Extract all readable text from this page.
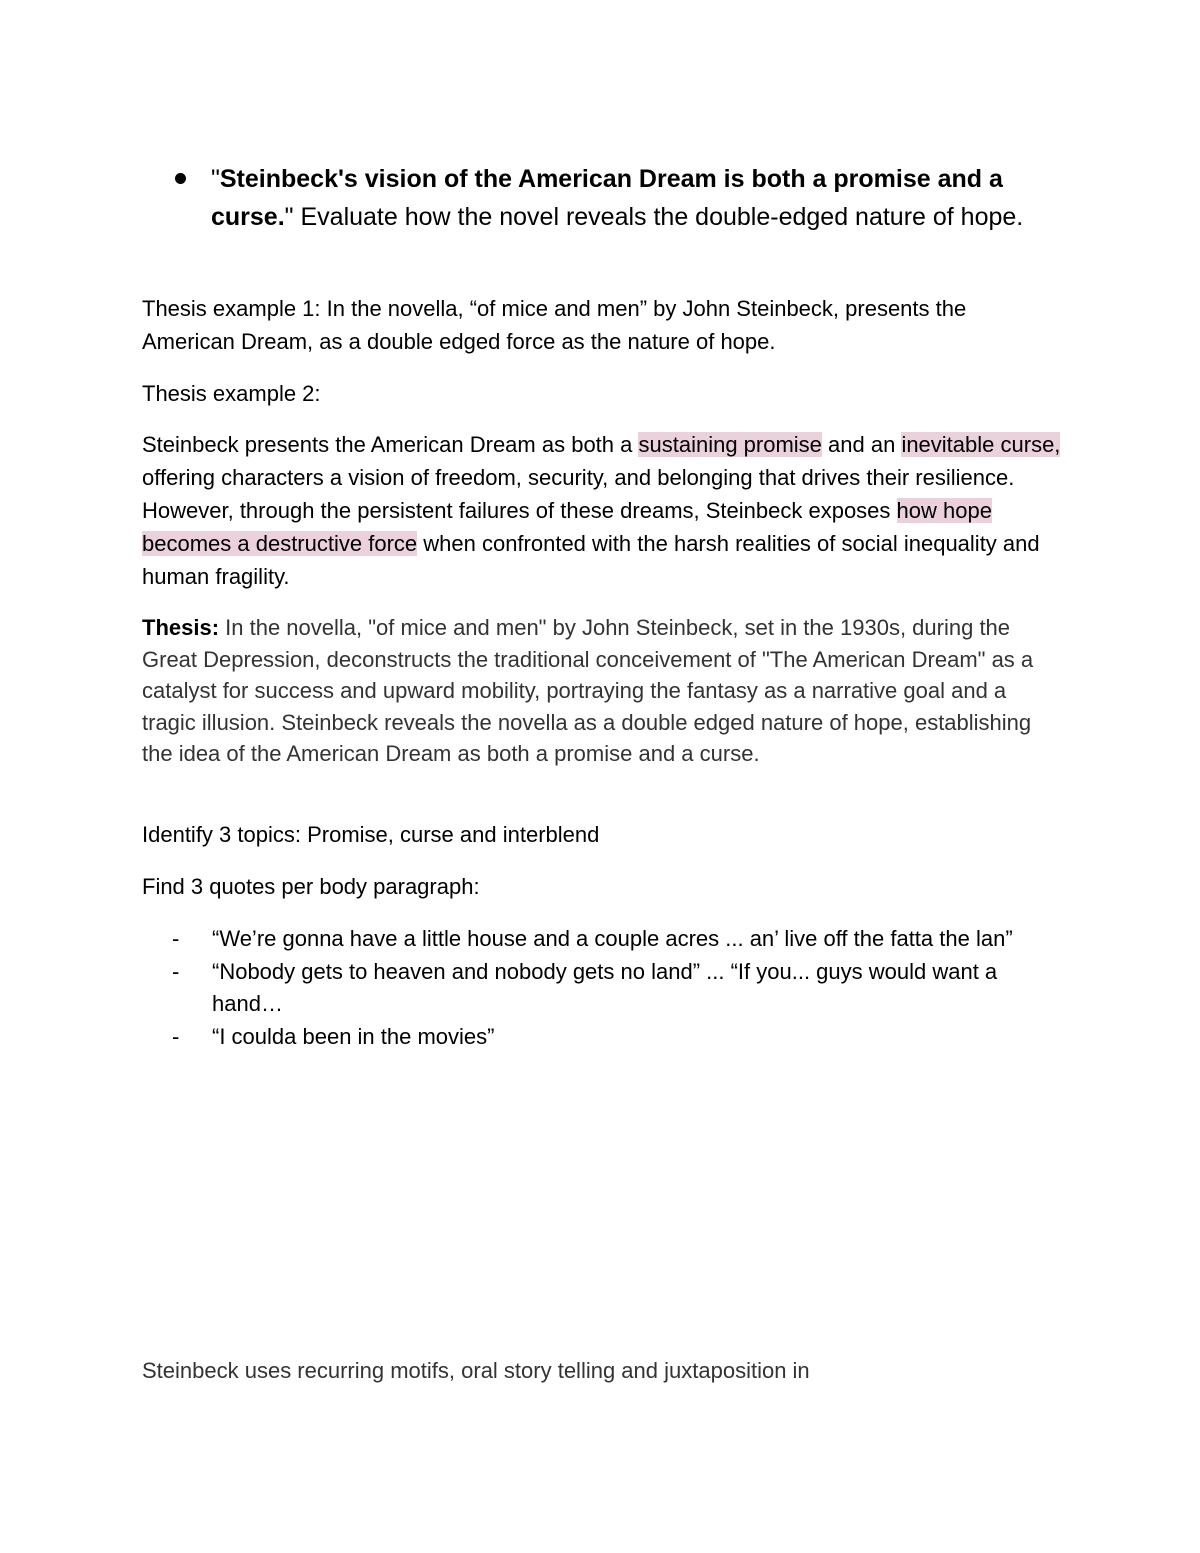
"Steinbeck's vision of the American Dream is both a promise and a curse." Evaluate how the novel reveals the double-edged nature of hope.

Thesis example 1: In the novella, “of mice and men” by John Steinbeck, presents the American Dream, as a double edged force as the nature of hope.

Thesis example 2:

Steinbeck presents the American Dream as both a sustaining promise and an inevitable curse, offering characters a vision of freedom, security, and belonging that drives their resilience. However, through the persistent failures of these dreams, Steinbeck exposes how hope becomes a destructive force when confronted with the harsh realities of social inequality and human fragility.

Thesis: In the novella, "of mice and men" by John Steinbeck, set in the 1930s, during the Great Depression, deconstructs the traditional conceivement of "The American Dream" as a catalyst for success and upward mobility, portraying the fantasy as a narrative goal and a tragic illusion. Steinbeck reveals the novella as a double edged nature of hope, establishing the idea of the American Dream as both a promise and a curse.

Identify 3 topics: Promise, curse and interblend

Find 3 quotes per body paragraph:

- “We’re gonna have a little house and a couple acres ... an’ live off the fatta the lan”
- “Nobody gets to heaven and nobody gets no land” ... “If you... guys would want a hand…
- “I coulda been in the movies”

Steinbeck uses recurring motifs, oral story telling and juxtaposition in
